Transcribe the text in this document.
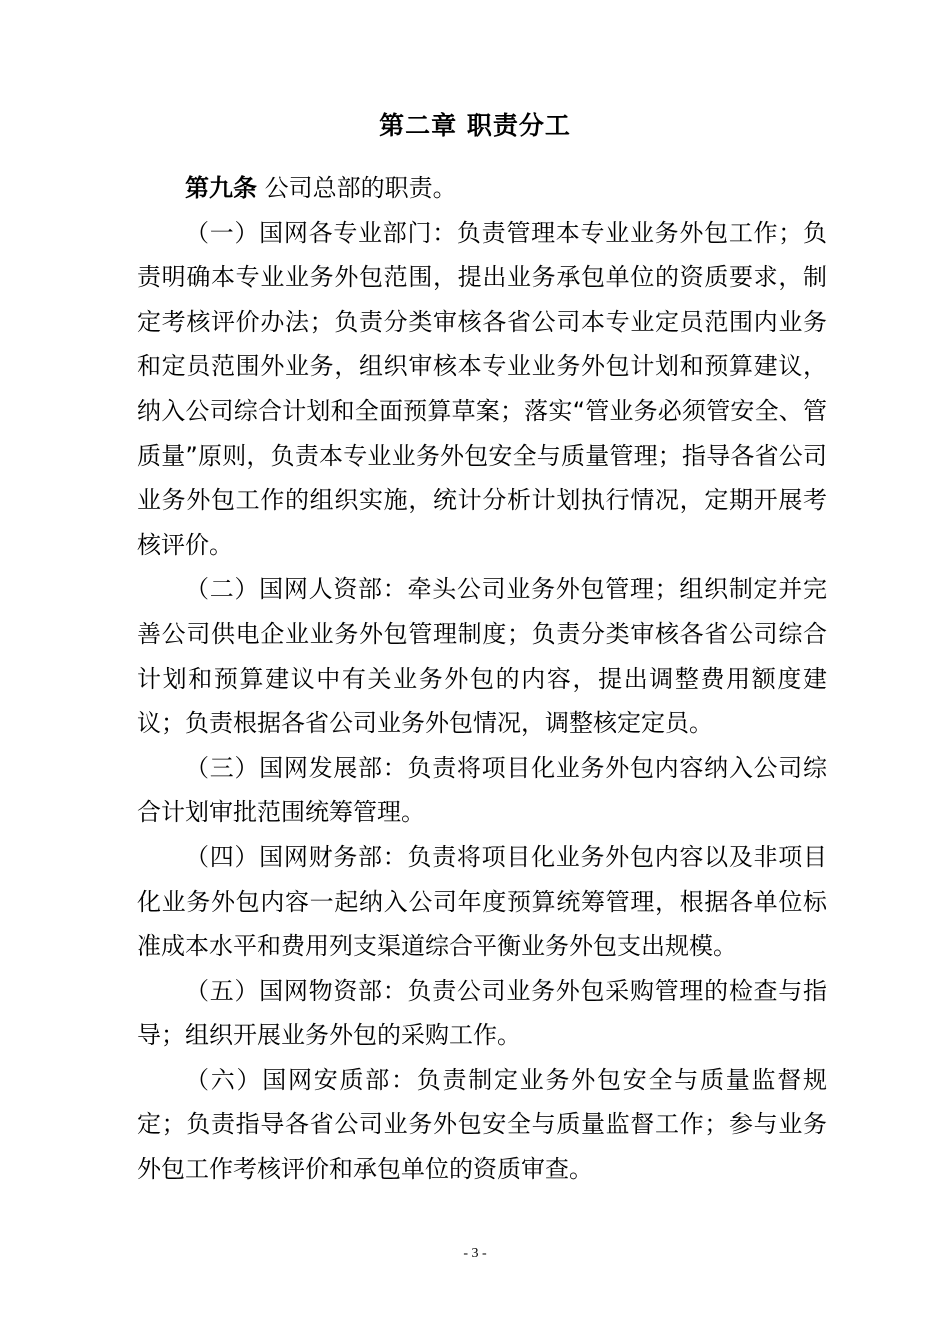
第二章 职责分工

第九条 公司总部的职责。

（一）国网各专业部门：负责管理本专业业务外包工作；负责明确本专业业务外包范围，提出业务承包单位的资质要求，制定考核评价办法；负责分类审核各省公司本专业定员范围内业务和定员范围外业务，组织审核本专业业务外包计划和预算建议，纳入公司综合计划和全面预算草案；落实“管业务必须管安全、管质量”原则，负责本专业业务外包安全与质量管理；指导各省公司业务外包工作的组织实施，统计分析计划执行情况，定期开展考核评价。

（二）国网人资部：牵头公司业务外包管理；组织制定并完善公司供电企业业务外包管理制度；负责分类审核各省公司综合计划和预算建议中有关业务外包的内容，提出调整费用额度建议；负责根据各省公司业务外包情况，调整核定定员。

（三）国网发展部：负责将项目化业务外包内容纳入公司综合计划审批范围统筹管理。

（四）国网财务部：负责将项目化业务外包内容以及非项目化业务外包内容一起纳入公司年度预算统筹管理，根据各单位标准成本水平和费用列支渠道综合平衡业务外包支出规模。

（五）国网物资部：负责公司业务外包采购管理的检查与指导；组织开展业务外包的采购工作。

（六）国网安质部：负责制定业务外包安全与质量监督规定；负责指导各省公司业务外包安全与质量监督工作；参与业务外包工作考核评价和承包单位的资质审查。

- 3 -
